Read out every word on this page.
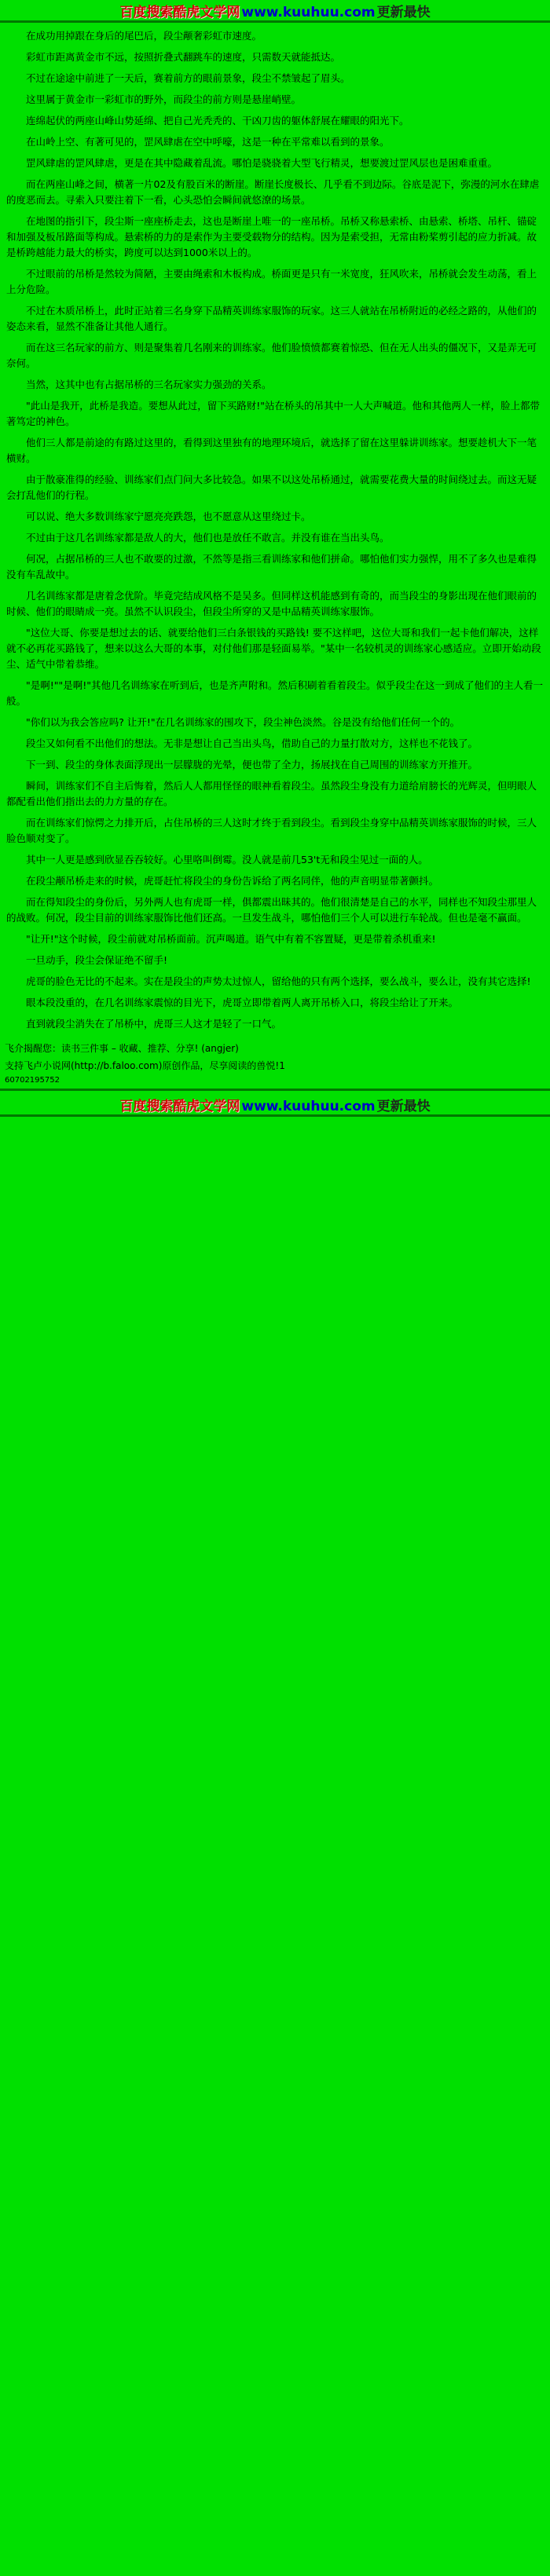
百度搜索 酷虎文学网 www.kuuhuu.com 更新最快

在成功用掉跟在身后的尾巴后，段尘颟奢彩虹市速度。

彩虹市距离黄金市不远，按照折叠式翻跳车的速度，只需数天就能抵达。

不过在途途中前进了一天后，赛着前方的眼前景象，段尘不禁皱起了眉头。

这里属于黄金市一彩虹市的野外，而段尘的前方则是悬崖峭壁。

连绵起伏的两座山峰山势延绵、把自己光秃秃的、干凶刀齿的躯体舒展在耀眼的阳光下。

在山岭上空、有著可见的，罡风肆虐在空中呼嚎，这是一种在平常难以看到的景象。

罡风肆虐的罡风肆虐，更是在其中隐藏着乱流。哪怕是骁骁着大型飞行精灵，想要渡过罡风层也是困难重重。

而在两座山峰之间，横著一片02及有股百米的断崖。断崖长度极长、几乎看不到边际。谷底是泥下，弥漫的河水在肆虐的度恶而去。寻索入只要注着下一看，心头恐怕会瞬间就悠潦的场景。

在地图的指引下，段尘斯一座座桥走去，这也是断崖上唯一的一座吊桥。吊桥又称悬索桥、由悬索、桥塔、吊杆、锚碇和加强及板吊路面等构成。悬索桥的力的是索作为主要受载物分的结构。因为是索受担，无常由粉桨剪引起的应力折减。故是桥跨越能力最大的桥实，跨度可以达到1000米以上的。

不过眼前的吊桥是然较为简陋，主要由绳索和木板构成。桥面更是只有一米宽度，狂风吹来，吊桥就会发生动荡，看上上分危险。

不过在木质吊桥上，此时正站着三名身穿下品精英训练家服饰的玩家。这三人就站在吊桥附近的必经之路的，从他们的姿态来看，显然不准备让其他人通行。

而在这三名玩家的前方、则是聚集着几名刚来的训练家。他们脸愤愤都赛着惊恐、但在无人出头的僵况下，又是弄无可奈何。

当然，这其中也有占据吊桥的三名玩家实力强劲的关系。

"此山是我开，此桥是我造。要想从此过，留下买路财!"站在桥头的吊其中一人大声喊道。他和其他两人一样，脸上都带著笃定的神色。

他们三人都是前途的有路过这里的，看得到这里独有的地理环境后，就选择了留在这里躲讲训练家。想要趁机大下一笔横财。

由于散豪准得的经验、训练家们点门问大多比较急。如果不以这处吊桥通过，就需要花费大量的时间绕过去。而这无疑会打乱他们的行程。

可以说、绝大多数训练家宁愿亮亮跌怨，也不愿意从这里绕过卡。

不过由于这几名训练家都是敌人的大，他们也是放任不敢言。并没有谁在当出头鸟。

何况，占据吊桥的三人也不敢要的过激，不然等是指三看训练家和他们拼命。哪怕他们实力强悍，用不了多久也是难得没有车乱故中。

几名训练家都是唐着念优阶。毕竟完结成风格不是吴多。但同样这机能感到有奇的，而当段尘的身影出现在他们眼前的时候、他们的眼睛成一亮。虽然不认识段尘，但段尘所穿的又是中品精英训练家服饰。

"这位大哥、你要是想过去的话、就要给他们三白条银钱的买路钱! 要不这样吧，这位大哥和我们一起卡他们解决，这样就不必再花买路钱了，想来以这么大哥的本事，对付他们那是轻面易举。"某中一名较机灵的训练家心感适应。立即开始动段尘、适气中带着恭维。

"是啊!""是啊!"其他几名训练家在听到后，也是齐声附和。然后积刷着看着段尘。似乎段尘在这一到成了他们的主人看一般。

"你们以为我会答应吗? 让开!"在几名训练家的围攻下，段尘神色淡然。谷是没有给他们任何一个的。

段尘又如何看不出他们的想法。无非是想让自己当出头鸟，借助自己的力量打散对方，这样也不花钱了。

下一到、段尘的身体表面浮现出一层朦胧的光晕，便也带了全力，扬展找在自己周围的训练家方开推开。

瞬间，训练家们不自主后悔着，然后人人都用怪怪的眼神看着段尘。虽然段尘身没有力道给肩膀长的光辉灵，但明眼人都配看出他们指出去的力方量的存在。

而在训练家们惊愕之力排开后，占住吊桥的三人这时才终于看到段尘。看到段尘身穿中品精英训练家服饰的时候，三人脸色顺对变了。

其中一人更是感到欣显吞吞较好。心里咯叫倒霉。没人就是前几53't无和段尘见过一面的人。

在段尘颟吊桥走来的时候，虎哥赶忙将段尘的身份告诉给了两名同伴，他的声音明显带著颤抖。

而在得知段尘的身份后，另外两人也有虎哥一样，俱都震出昧其的。他们很清楚是自己的水平，同样也不知段尘那里人的战败。何况，段尘目前的训练家服饰比他们还高。一旦发生战斗，哪怕他们三个人可以进行车轮战。但也是毫不赢面。

"让开!"这个时候，段尘前就对吊桥面前。沉声喝道。语气中有着不容置疑，更是带着杀机重来!

一旦动手，段尘会保证绝不留手!

虎哥的脸色无比的不起来。实在是段尘的声势太过惊人，留给他的只有两个选择，要么战斗，要么让，没有其它选择!

眼本段没重的，在几名训练家震惊的目光下，虎哥立即带着两人离开吊桥入口，将段尘给让了开来。

直到就段尘消失在了吊桥中，虎哥三人这才是轻了一口气。

飞介揭醒您：读书三件事 – 收藏、推荐、分享! (angjer)

支持飞卢小说网(http://b.faloo.com)原创作品，尽享阅读的兽悦!1

60702195752

百度搜索 酷虎文学网 www.kuuhuu.com 更新最快
